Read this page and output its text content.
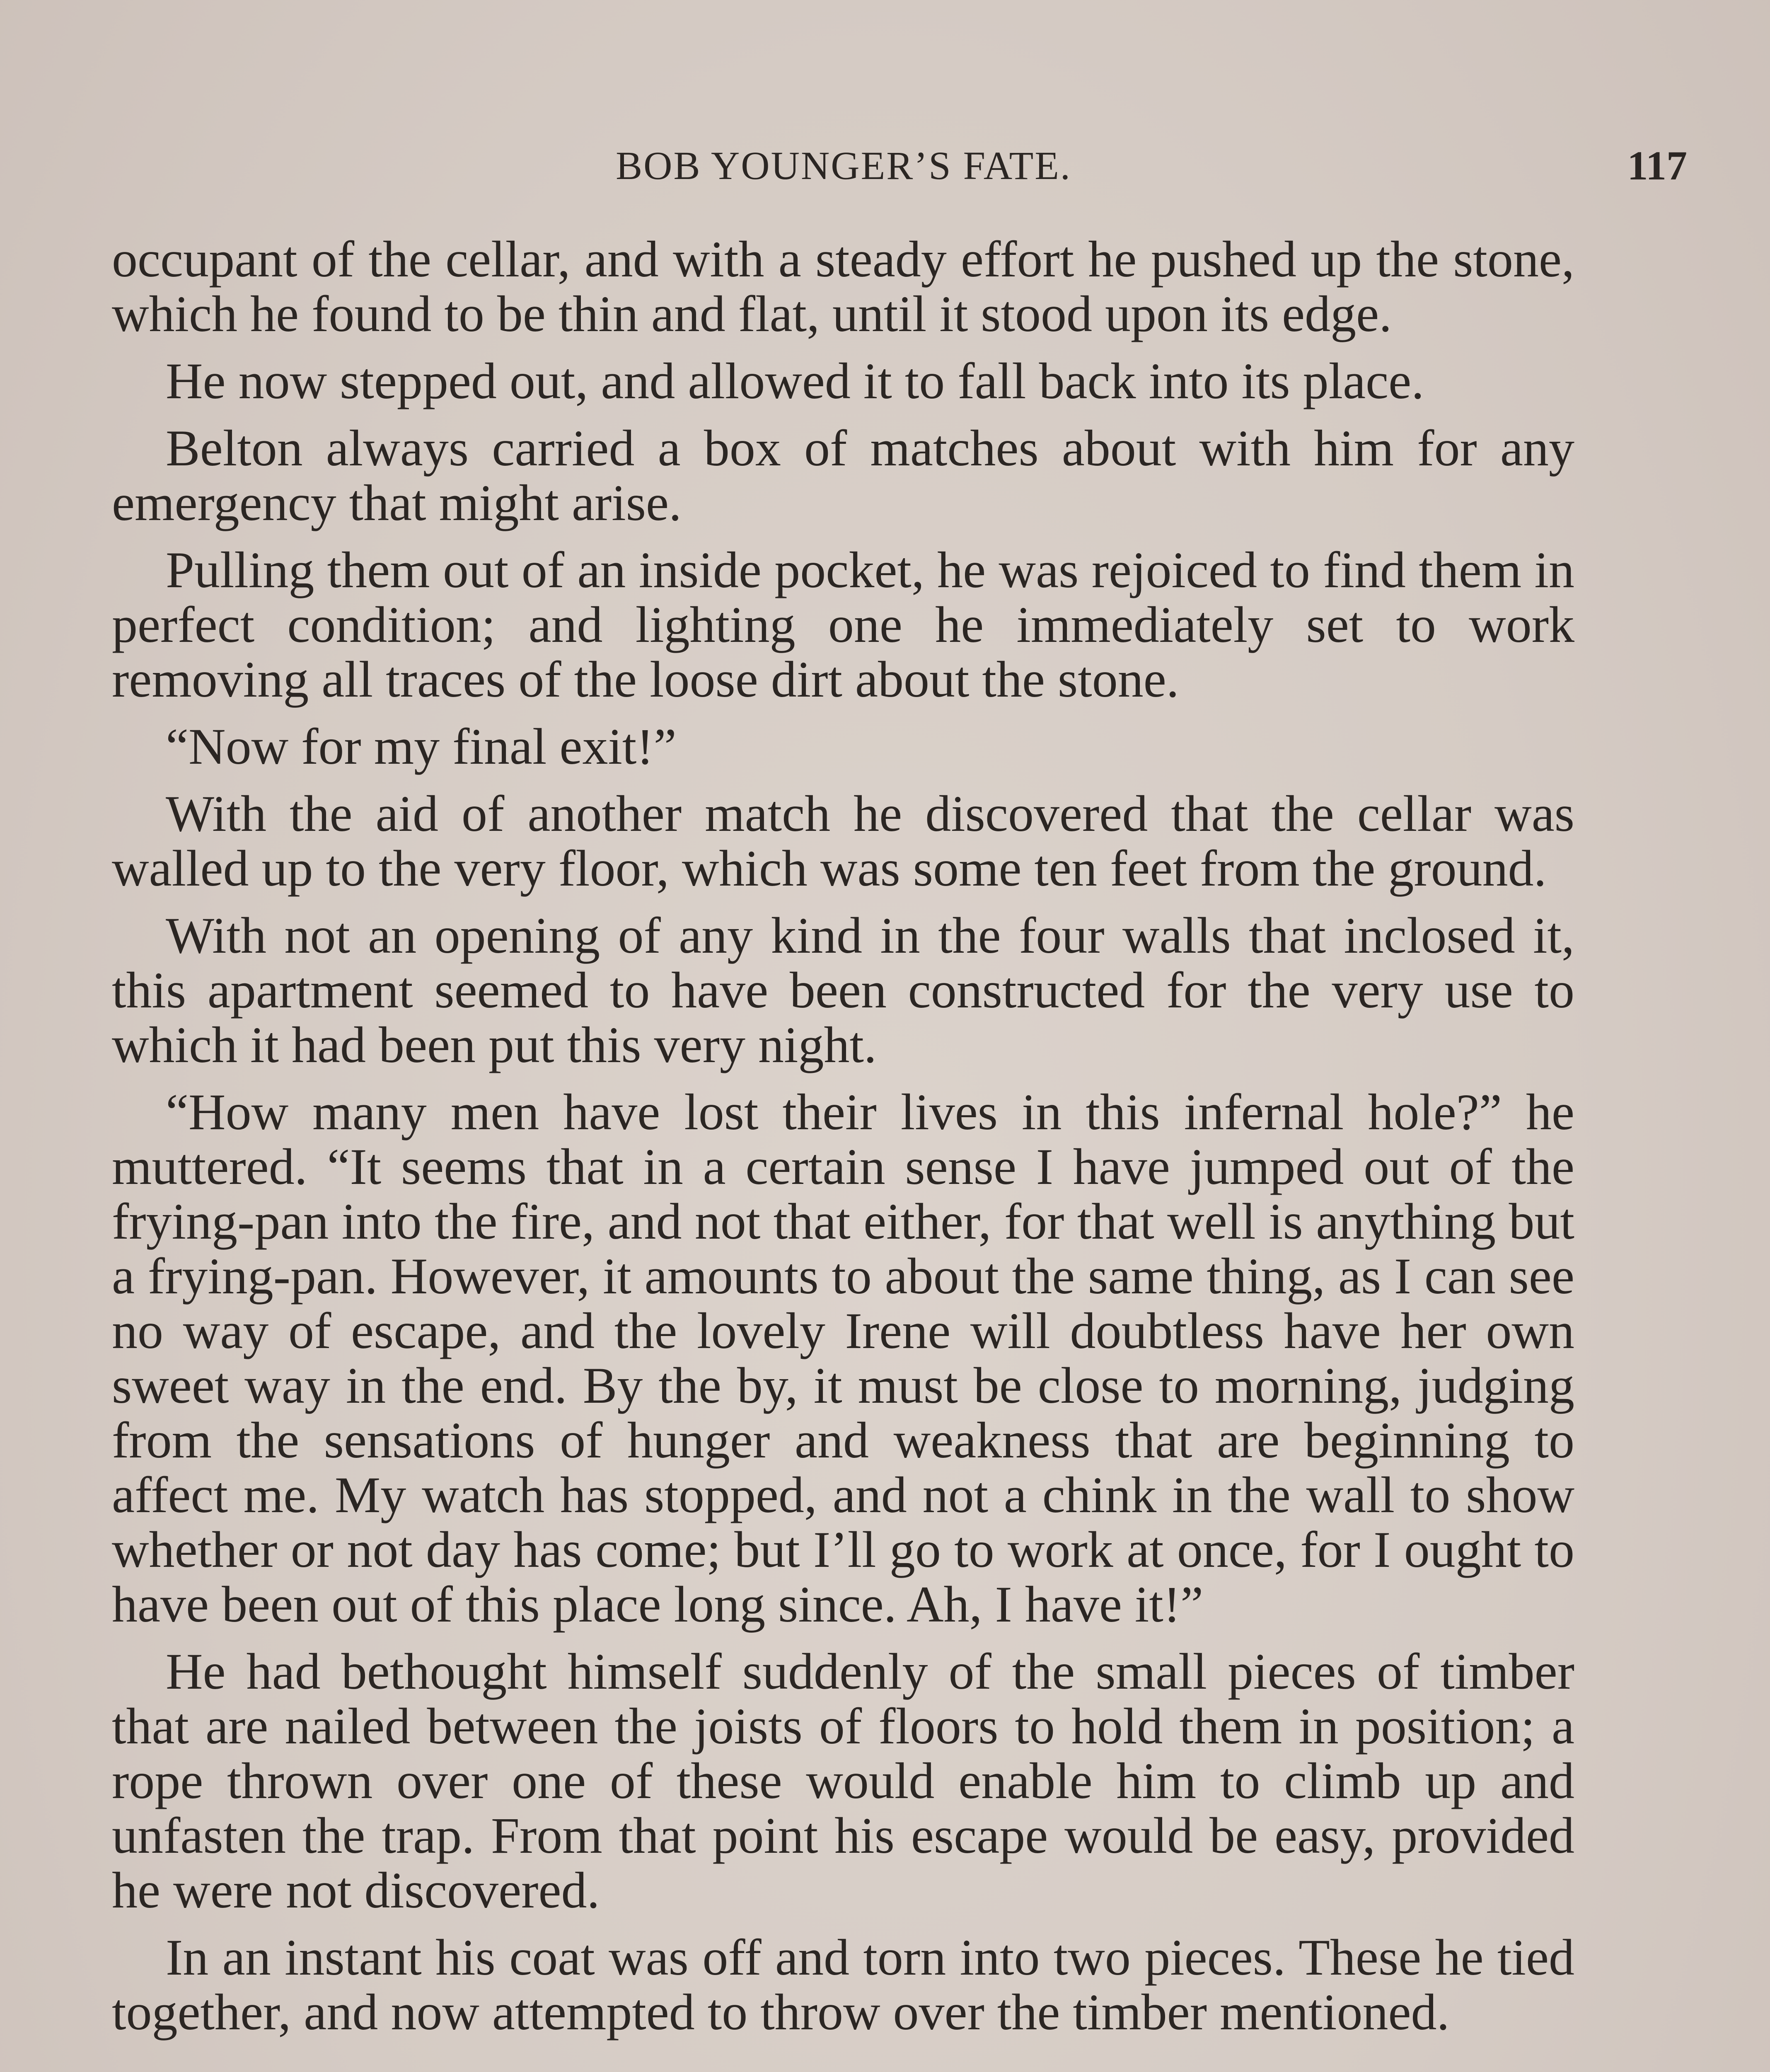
BOB YOUNGER’S FATE.	117

occupant of the cellar, and with a steady effort he pushed up the stone, which he found to be thin and flat, until it stood upon its edge.

He now stepped out, and allowed it to fall back into its place.

Belton always carried a box of matches about with him for any emergency that might arise.

Pulling them out of an inside pocket, he was rejoiced to find them in perfect condition; and lighting one he immediately set to work removing all traces of the loose dirt about the stone.

“Now for my final exit!”

With the aid of another match he discovered that the cellar was walled up to the very floor, which was some ten feet from the ground.

With not an opening of any kind in the four walls that inclosed it, this apartment seemed to have been constructed for the very use to which it had been put this very night.

“How many men have lost their lives in this infernal hole?” he muttered. “It seems that in a certain sense I have jumped out of the frying-pan into the fire, and not that either, for that well is anything but a frying-pan. However, it amounts to about the same thing, as I can see no way of escape, and the lovely Irene will doubtless have her own sweet way in the end. By the by, it must be close to morning, judging from the sensations of hunger and weakness that are beginning to affect me. My watch has stopped, and not a chink in the wall to show whether or not day has come; but I’ll go to work at once, for I ought to have been out of this place long since. Ah, I have it!”

He had bethought himself suddenly of the small pieces of timber that are nailed between the joists of floors to hold them in position; a rope thrown over one of these would enable him to climb up and unfasten the trap. From that point his escape would be easy, provided he were not discovered.

In an instant his coat was off and torn into two pieces. These he tied together, and now attempted to throw over the timber mentioned.
